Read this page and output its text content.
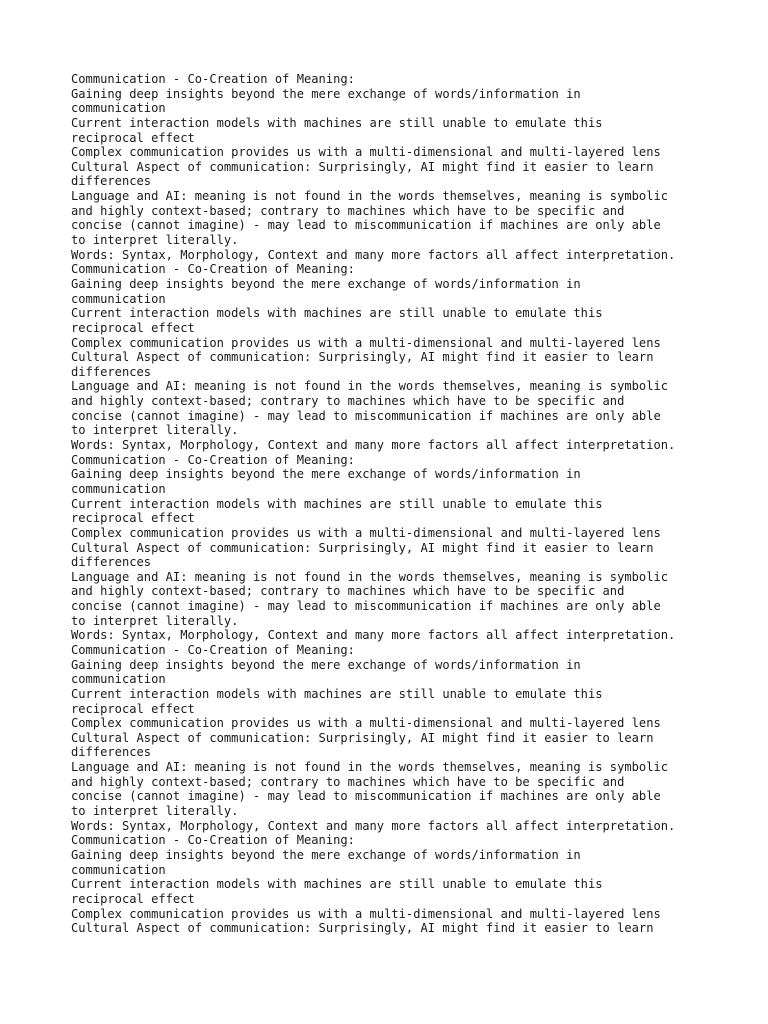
Communication - Co-Creation of Meaning:
Gaining deep insights beyond the mere exchange of words/information in
communication
Current interaction models with machines are still unable to emulate this
reciprocal effect
Complex communication provides us with a multi-dimensional and multi-layered lens
Cultural Aspect of communication: Surprisingly, AI might find it easier to learn
differences
Language and AI: meaning is not found in the words themselves, meaning is symbolic
and highly context-based; contrary to machines which have to be specific and
concise (cannot imagine) - may lead to miscommunication if machines are only able
to interpret literally.
Words: Syntax, Morphology, Context and many more factors all affect interpretation.
Communication - Co-Creation of Meaning:
Gaining deep insights beyond the mere exchange of words/information in
communication
Current interaction models with machines are still unable to emulate this
reciprocal effect
Complex communication provides us with a multi-dimensional and multi-layered lens
Cultural Aspect of communication: Surprisingly, AI might find it easier to learn
differences
Language and AI: meaning is not found in the words themselves, meaning is symbolic
and highly context-based; contrary to machines which have to be specific and
concise (cannot imagine) - may lead to miscommunication if machines are only able
to interpret literally.
Words: Syntax, Morphology, Context and many more factors all affect interpretation.
Communication - Co-Creation of Meaning:
Gaining deep insights beyond the mere exchange of words/information in
communication
Current interaction models with machines are still unable to emulate this
reciprocal effect
Complex communication provides us with a multi-dimensional and multi-layered lens
Cultural Aspect of communication: Surprisingly, AI might find it easier to learn
differences
Language and AI: meaning is not found in the words themselves, meaning is symbolic
and highly context-based; contrary to machines which have to be specific and
concise (cannot imagine) - may lead to miscommunication if machines are only able
to interpret literally.
Words: Syntax, Morphology, Context and many more factors all affect interpretation.
Communication - Co-Creation of Meaning:
Gaining deep insights beyond the mere exchange of words/information in
communication
Current interaction models with machines are still unable to emulate this
reciprocal effect
Complex communication provides us with a multi-dimensional and multi-layered lens
Cultural Aspect of communication: Surprisingly, AI might find it easier to learn
differences
Language and AI: meaning is not found in the words themselves, meaning is symbolic
and highly context-based; contrary to machines which have to be specific and
concise (cannot imagine) - may lead to miscommunication if machines are only able
to interpret literally.
Words: Syntax, Morphology, Context and many more factors all affect interpretation.
Communication - Co-Creation of Meaning:
Gaining deep insights beyond the mere exchange of words/information in
communication
Current interaction models with machines are still unable to emulate this
reciprocal effect
Complex communication provides us with a multi-dimensional and multi-layered lens
Cultural Aspect of communication: Surprisingly, AI might find it easier to learn
